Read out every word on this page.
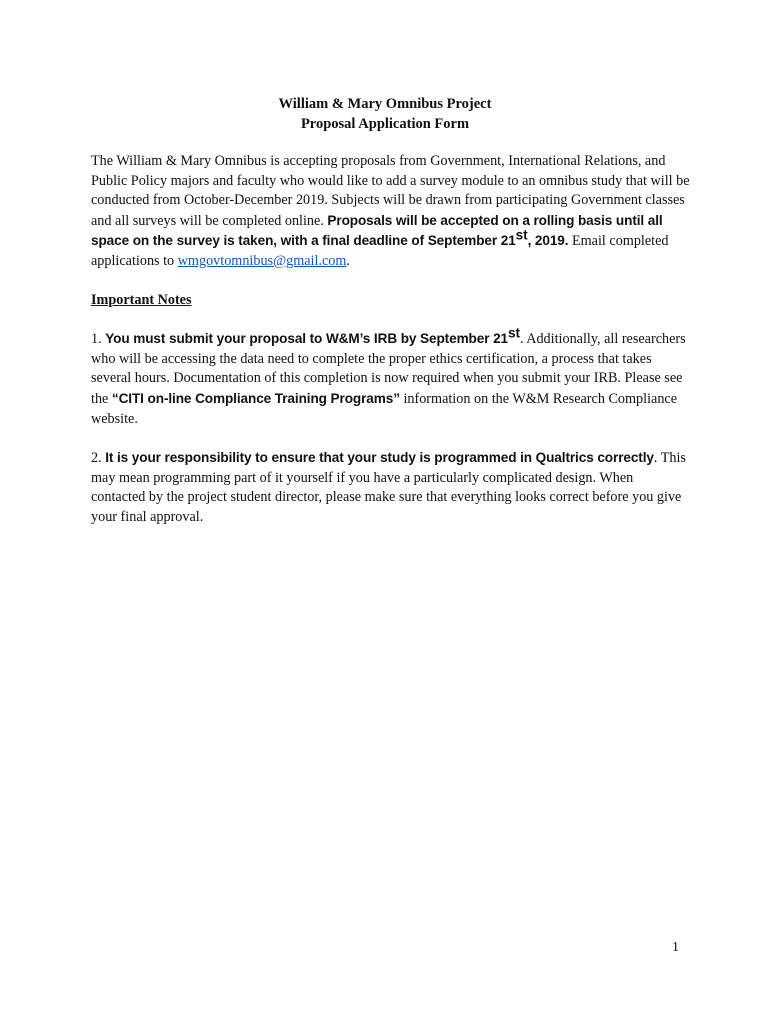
William & Mary Omnibus Project
Proposal Application Form

The William & Mary Omnibus is accepting proposals from Government, International Relations, and Public Policy majors and faculty who would like to add a survey module to an omnibus study that will be conducted from October-December 2019. Subjects will be drawn from participating Government classes and all surveys will be completed online. Proposals will be accepted on a rolling basis until all space on the survey is taken, with a final deadline of September 21st, 2019. Email completed applications to wmgovtomnibus@gmail.com.

Important Notes

1. You must submit your proposal to W&M’s IRB by September 21st. Additionally, all researchers who will be accessing the data need to complete the proper ethics certification, a process that takes several hours. Documentation of this completion is now required when you submit your IRB. Please see the “CITI on-line Compliance Training Programs” information on the W&M Research Compliance website.

2. It is your responsibility to ensure that your study is programmed in Qualtrics correctly. This may mean programming part of it yourself if you have a particularly complicated design. When contacted by the project student director, please make sure that everything looks correct before you give your final approval.

1
